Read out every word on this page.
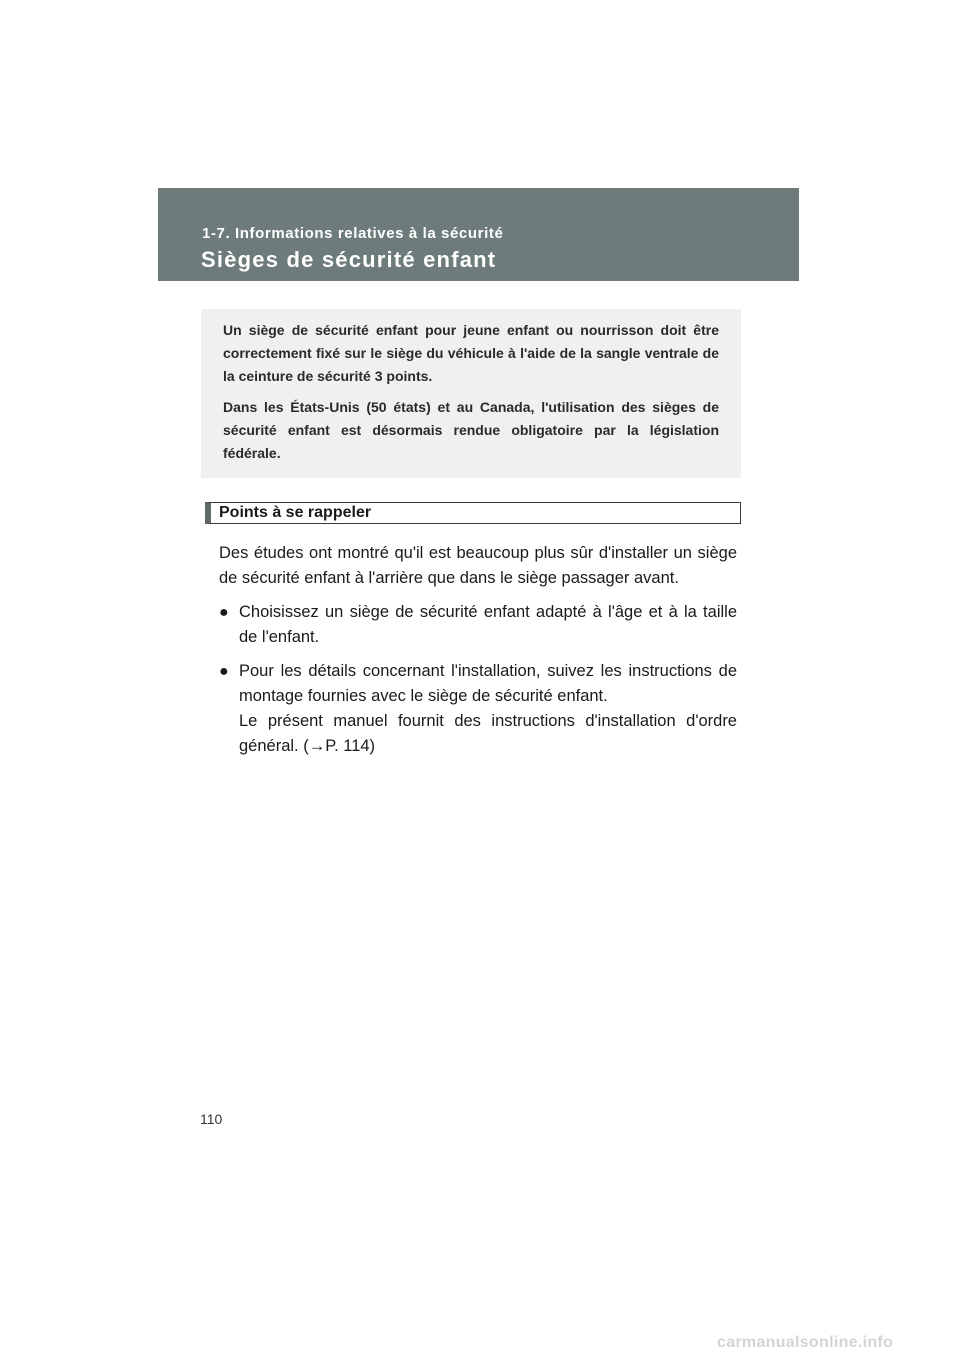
1-7. Informations relatives à la sécurité
Sièges de sécurité enfant

Un siège de sécurité enfant pour jeune enfant ou nourrisson doit être correctement fixé sur le siège du véhicule à l'aide de la sangle ventrale de la ceinture de sécurité 3 points.

Dans les États-Unis (50 états) et au Canada, l'utilisation des sièges de sécurité enfant est désormais rendue obligatoire par la législation fédérale.

Points à se rappeler

Des études ont montré qu'il est beaucoup plus sûr d'installer un siège de sécurité enfant à l'arrière que dans le siège passager avant.

● Choisissez un siège de sécurité enfant adapté à l'âge et à la taille de l'enfant.

● Pour les détails concernant l'installation, suivez les instructions de montage fournies avec le siège de sécurité enfant.

Le présent manuel fournit des instructions d'installation d'ordre général. (→P. 114)

110
carmanualsonline.info
